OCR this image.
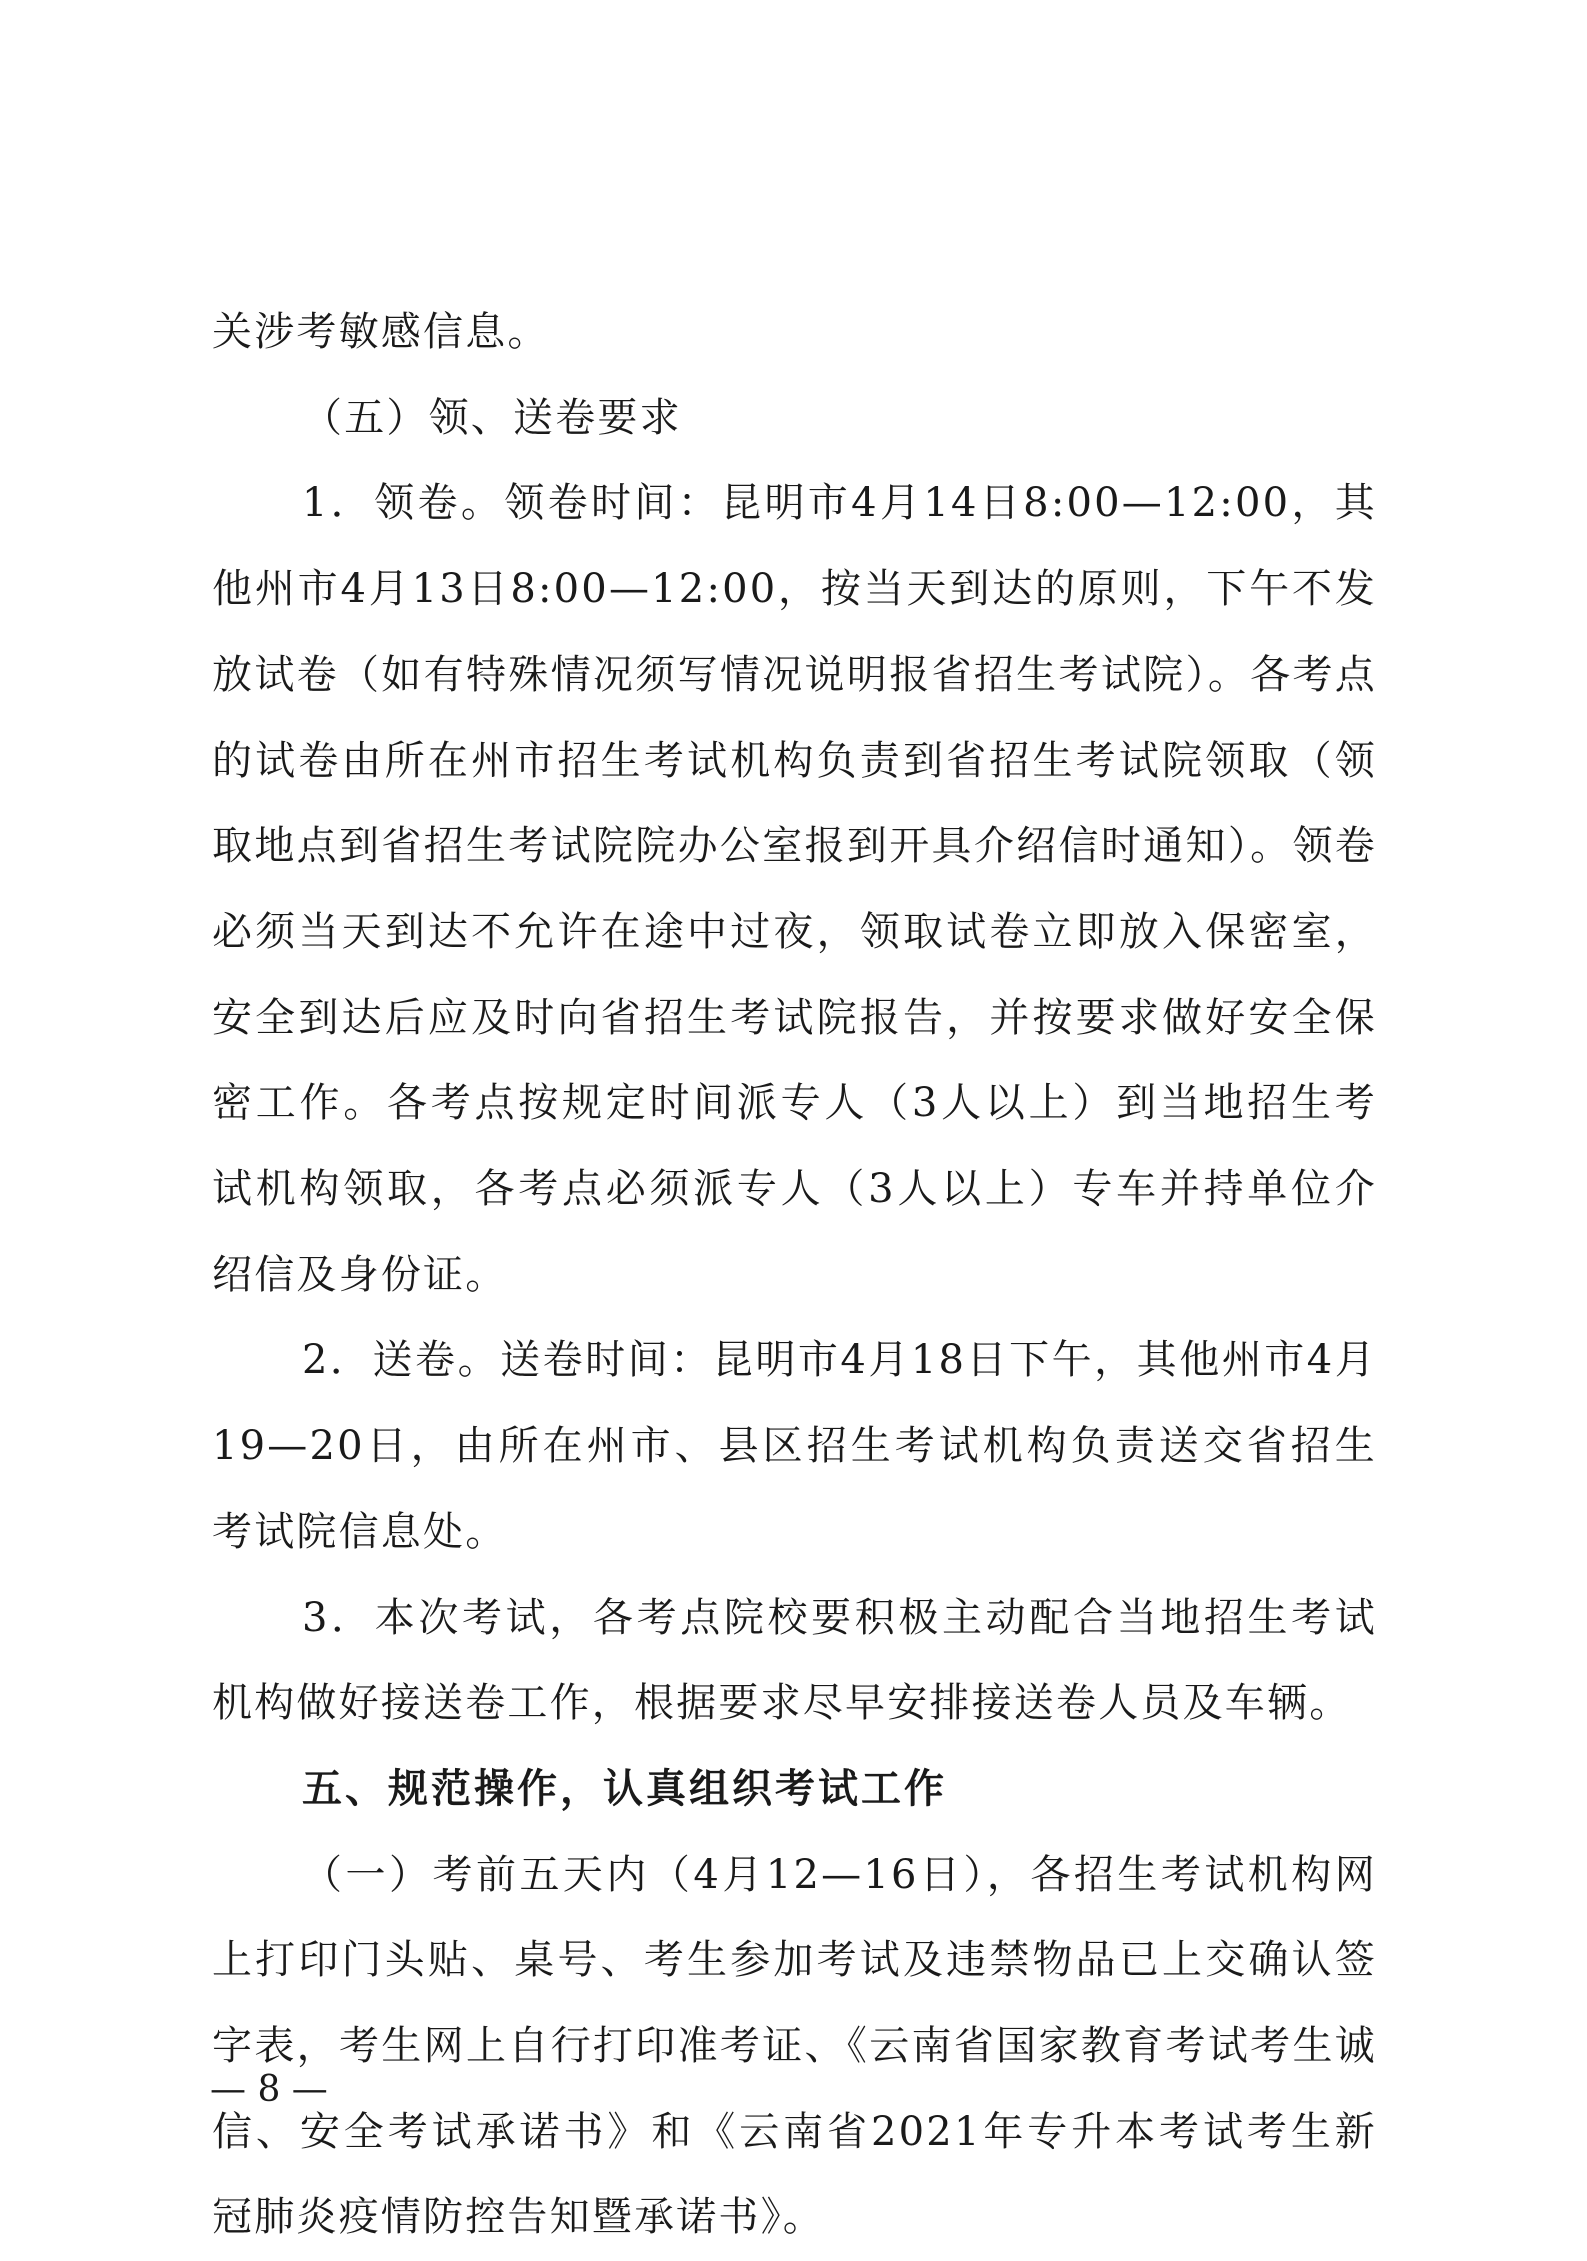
关涉考敏感信息。

（五）领、送卷要求

1．领卷。领卷时间：昆明市4月14日8:00—12:00，其他州市4月13日8:00—12:00，按当天到达的原则，下午不发放试卷（如有特殊情况须写情况说明报省招生考试院）。各考点的试卷由所在州市招生考试机构负责到省招生考试院领取（领取地点到省招生考试院院办公室报到开具介绍信时通知）。领卷必须当天到达不允许在途中过夜，领取试卷立即放入保密室，安全到达后应及时向省招生考试院报告，并按要求做好安全保密工作。各考点按规定时间派专人（3人以上）到当地招生考试机构领取，各考点必须派专人（3人以上）专车并持单位介绍信及身份证。

2．送卷。送卷时间：昆明市4月18日下午，其他州市4月19—20日，由所在州市、县区招生考试机构负责送交省招生考试院信息处。

3．本次考试，各考点院校要积极主动配合当地招生考试机构做好接送卷工作，根据要求尽早安排接送卷人员及车辆。

五、规范操作，认真组织考试工作

（一）考前五天内（4月12—16日），各招生考试机构网上打印门头贴、桌号、考生参加考试及违禁物品已上交确认签字表，考生网上自行打印准考证、《云南省国家教育考试考生诚信、安全考试承诺书》和《云南省2021年专升本考试考生新冠肺炎疫情防控告知暨承诺书》。

— 8 —
